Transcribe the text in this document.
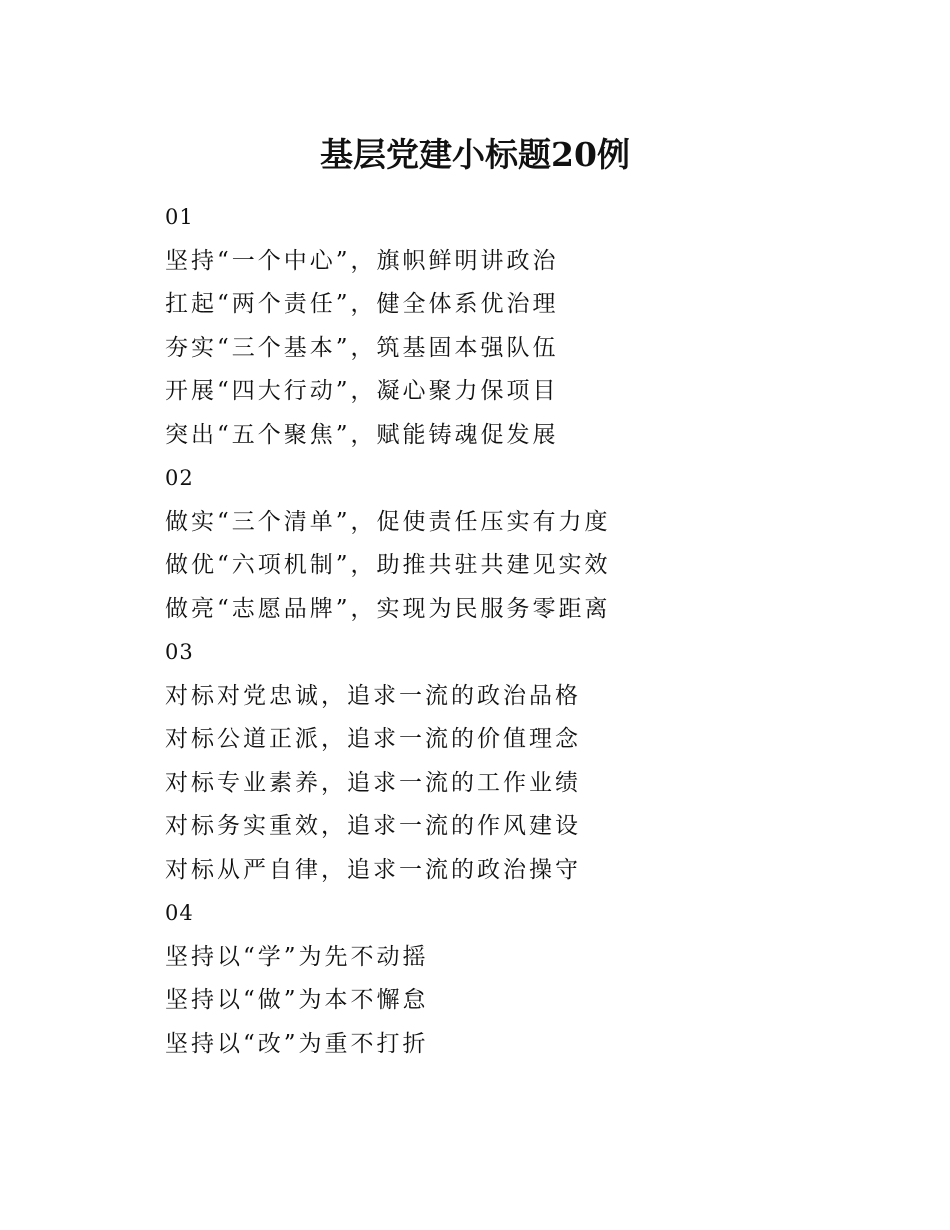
基层党建小标题20例
01
坚持“一个中心”，旗帜鲜明讲政治
扛起“两个责任”，健全体系优治理
夯实“三个基本”，筑基固本强队伍
开展“四大行动”，凝心聚力保项目
突出“五个聚焦”，赋能铸魂促发展
02
做实“三个清单”，促使责任压实有力度
做优“六项机制”，助推共驻共建见实效
做亮“志愿品牌”，实现为民服务零距离
03
对标对党忠诚，追求一流的政治品格
对标公道正派，追求一流的价值理念
对标专业素养，追求一流的工作业绩
对标务实重效，追求一流的作风建设
对标从严自律，追求一流的政治操守
04
坚持以“学”为先不动摇
坚持以“做”为本不懈怠
坚持以“改”为重不打折
